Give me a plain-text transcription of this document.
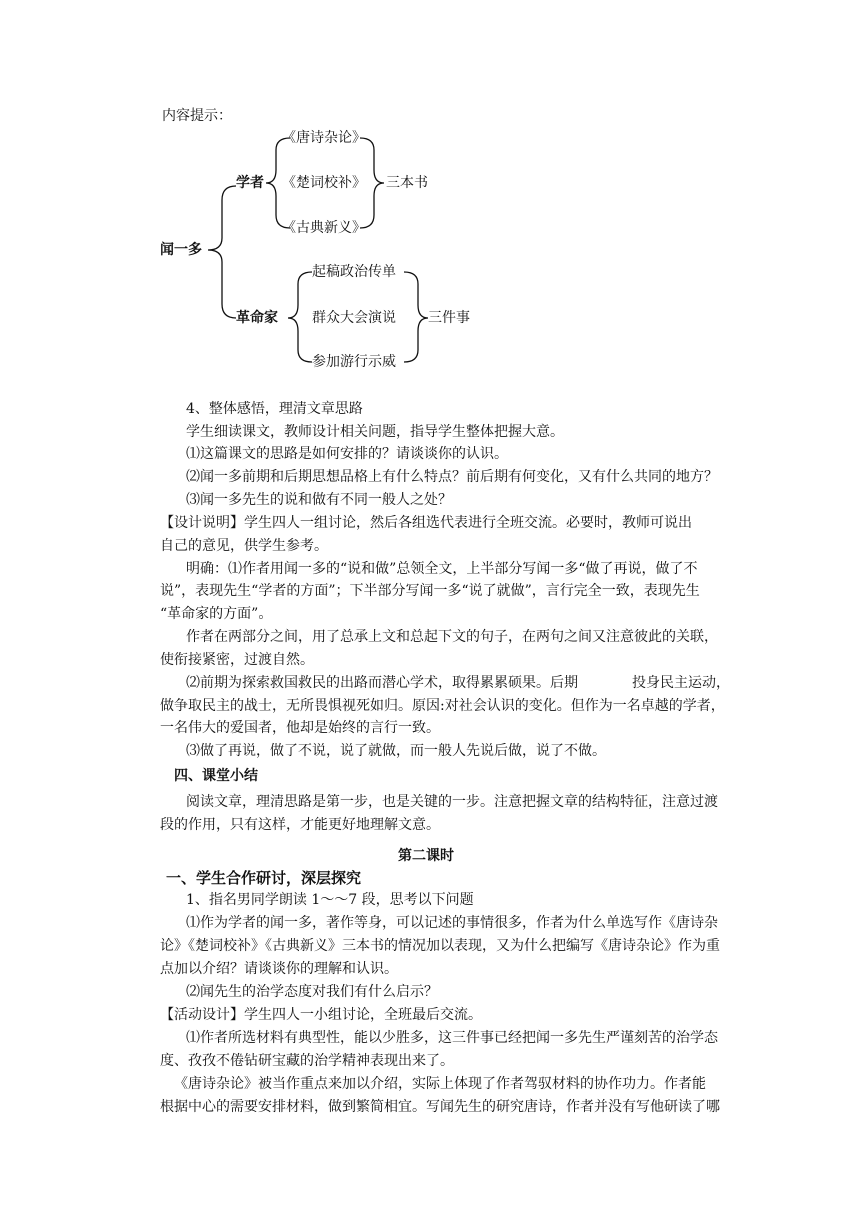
内容提示：
闻一多
学者
《唐诗杂论》
《楚词校补》
《古典新义》
三本书
革命家
起稿政治传单
群众大会演说
参加游行示威
三件事
4、整体感悟，理清文章思路
学生细读课文，教师设计相关问题，指导学生整体把握大意。
⑴这篇课文的思路是如何安排的？请谈谈你的认识。
⑵闻一多前期和后期思想品格上有什么特点？前后期有何变化，又有什么共同的地方？
⑶闻一多先生的说和做有不同一般人之处？
【设计说明】学生四人一组讨论，然后各组选代表进行全班交流。必要时，教师可说出
自己的意见，供学生参考。
明确：⑴作者用闻一多的“说和做”总领全文，上半部分写闻一多“做了再说，做了不
说”，表现先生“学者的方面”；下半部分写闻一多“说了就做”，言行完全一致，表现先生
“革命家的方面”。
作者在两部分之间，用了总承上文和总起下文的句子，在两句之间又注意彼此的关联，
使衔接紧密，过渡自然。
⑵前期为探索救国救民的出路而潜心学术，取得累累硕果。后期	投身民主运动，
做争取民主的战士，无所畏惧视死如归。原因:对社会认识的变化。但作为一名卓越的学者，
一名伟大的爱国者，他却是始终的言行一致。
⑶做了再说，做了不说，说了就做，而一般人先说后做，说了不做。
四、课堂小结
阅读文章，理清思路是第一步，也是关键的一步。注意把握文章的结构特征，注意过渡
段的作用，只有这样，才能更好地理解文意。
第二课时
一、学生合作研讨，深层探究
1、指名男同学朗读 1～～7 段，思考以下问题
⑴作为学者的闻一多，著作等身，可以记述的事情很多，作者为什么单选写作《唐诗杂
论》《楚词校补》《古典新义》三本书的情况加以表现，又为什么把编写《唐诗杂论》作为重
点加以介绍？请谈谈你的理解和认识。
⑵闻先生的治学态度对我们有什么启示？
【活动设计】学生四人一小组讨论，全班最后交流。
⑴作者所选材料有典型性，能以少胜多，这三件事已经把闻一多先生严谨刻苦的治学态
度、孜孜不倦钻研宝藏的治学精神表现出来了。
《唐诗杂论》被当作重点来加以介绍，实际上体现了作者驾驭材料的协作功力。作者能
根据中心的需要安排材料，做到繁简相宜。写闻先生的研究唐诗，作者并没有写他研读了哪
